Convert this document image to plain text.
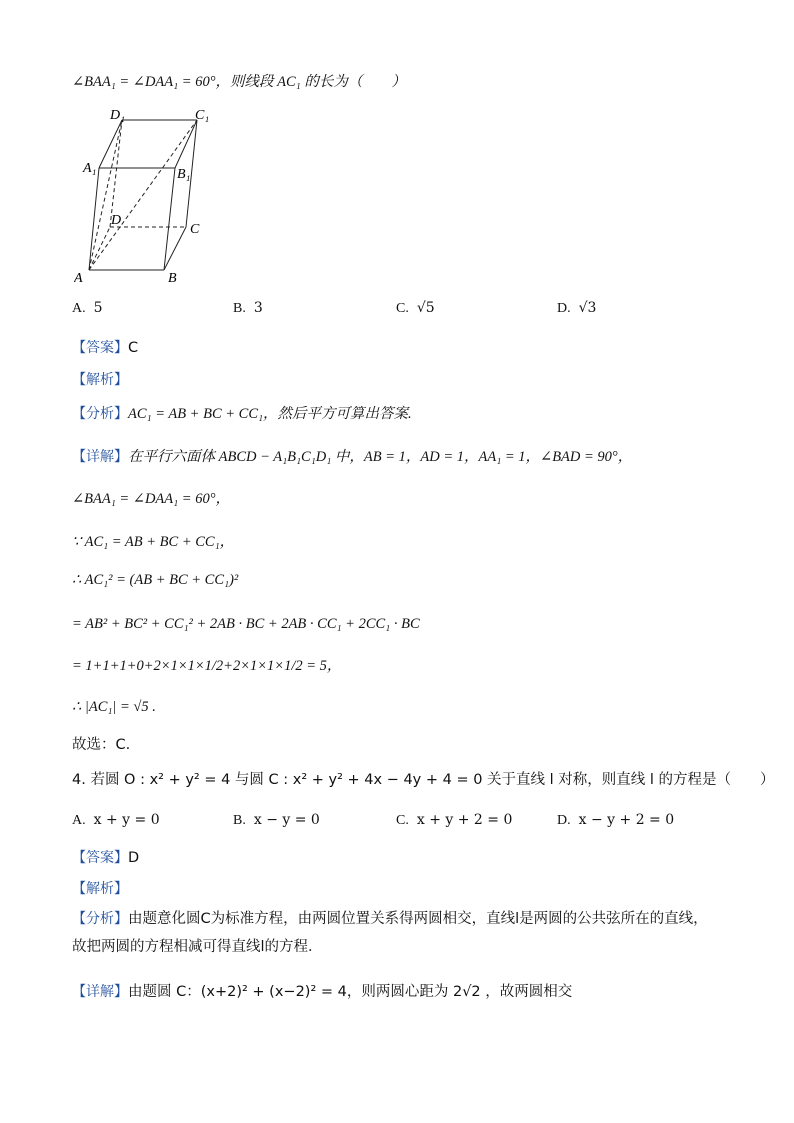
∠BAA₁ = ∠DAA₁ = 60°，则线段 AC₁ 的长为（　　）
A	B
C
D
A₁	B₁
C₁
D₁
A. 5	B. 3	C. √5	D. √3
【答案】C
【解析】
【分析】AC₁ = AB + BC + CC₁，然后平方可算出答案.
【详解】在平行六面体 ABCD − A₁B₁C₁D₁ 中，AB = 1，AD = 1，AA₁ = 1，∠BAD = 90°，
∠BAA₁ = ∠DAA₁ = 60°，
∵ AC₁ = AB + BC + CC₁，
∴ AC₁² = (AB + BC + CC₁)²
= AB² + BC² + CC₁² + 2AB · BC + 2AB · CC₁ + 2CC₁ · BC
= 1+1+1+0+2×1×1×1/2+2×1×1×1/2 = 5，
∴ |AC₁| = √5 .
故选：C.
4. 若圆 O : x² + y² = 4 与圆 C : x² + y² + 4x − 4y + 4 = 0 关于直线 l 对称，则直线 l 的方程是（　　）
A. x + y = 0	B. x − y = 0	C. x + y + 2 = 0	D. x − y + 2 = 0
【答案】D
【解析】
【分析】由题意化圆C为标准方程，由两圆位置关系得两圆相交，直线l是两圆的公共弦所在的直线，故把两圆的方程相减可得直线l的方程．
【详解】由题圆 C：(x+2)² + (x−2)² = 4，则两圆心距为 2√2 ，故两圆相交
